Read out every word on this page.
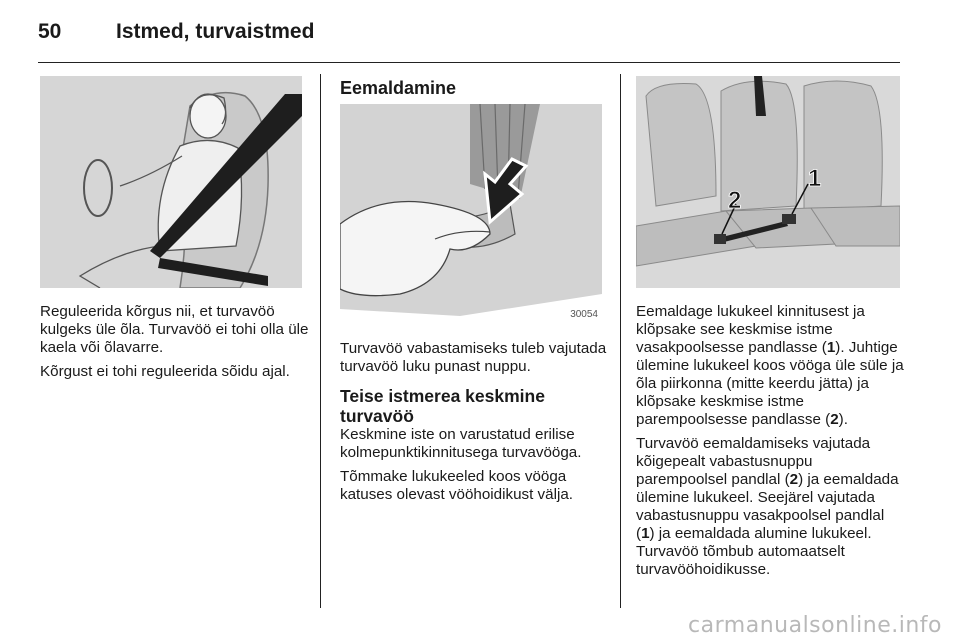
50	Istmed, turvaistmed

Reguleerida kõrgus nii, et turvavöö kulgeks üle õla. Turvavöö ei tohi olla üle kaela või õlavarre.

Kõrgust ei tohi reguleerida sõidu ajal.

Eemaldamine
30054

Turvavöö vabastamiseks tuleb vajutada turvavöö luku punast nuppu.

Teise istmerea keskmine turvavöö

Keskmine iste on varustatud erilise kolmepunktikinnitusega turvavööga.

Tõmmake lukukeeled koos vööga katuses olevast vööhoidikust välja.

1
2

Eemaldage lukukeel kinnitusest ja klõpsake see keskmise istme vasakpoolsesse pandlasse (1). Juhtige ülemine lukukeel koos vööga üle süle ja õla piirkonna (mitte keerdu jätta) ja klõpsake keskmise istme parempoolsesse pandlasse (2).

Turvavöö eemaldamiseks vajutada kõigepealt vabastusnuppu parempoolsel pandlal (2) ja eemaldada ülemine lukukeel. Seejärel vajutada vabastusnuppu vasakpoolsel pandlal (1) ja eemaldada alumine lukukeel. Turvavöö tõmbub automaatselt turvavööhoidikusse.

carmanualsonline.info
